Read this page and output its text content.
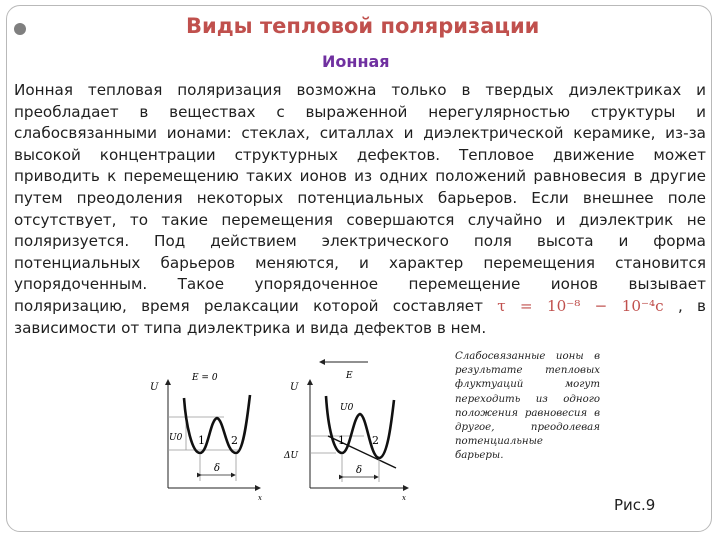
Виды тепловой поляризации
Ионная
Ионная тепловая поляризация возможна только в твердых диэлектриках и
преобладает в веществах с выраженной нерегулярностью структуры и
слабосвязанными ионами: стеклах, ситаллах и диэлектрической керамике, из-за
высокой концентрации структурных дефектов. Тепловое движение может
приводить к перемещению таких ионов из одних положений равновесия в другие
путем преодоления некоторых потенциальных барьеров. Если внешнее поле
отсутствует, то такие перемещения совершаются случайно и диэлектрик не
поляризуется. Под действием электрического поля высота и форма
потенциальных барьеров меняются, и характер перемещения становится
упорядоченным. Такое упорядоченное перемещение ионов вызывает
поляризацию, время релаксации которой составляет τ = 10⁻⁸ − 10⁻⁴с , в
зависимости от типа диэлектрика и вида дефектов в нем.
U
x
E = 0
U0 1 2
δ
U
x
E
U0
ΔU
1 2
δ
Слабосвязанные ионы в
результате тепловых
флуктуаций могут
переходить из одного
положения равновесия в
другое, преодолевая
потенциальные
барьеры.
Рис.9
